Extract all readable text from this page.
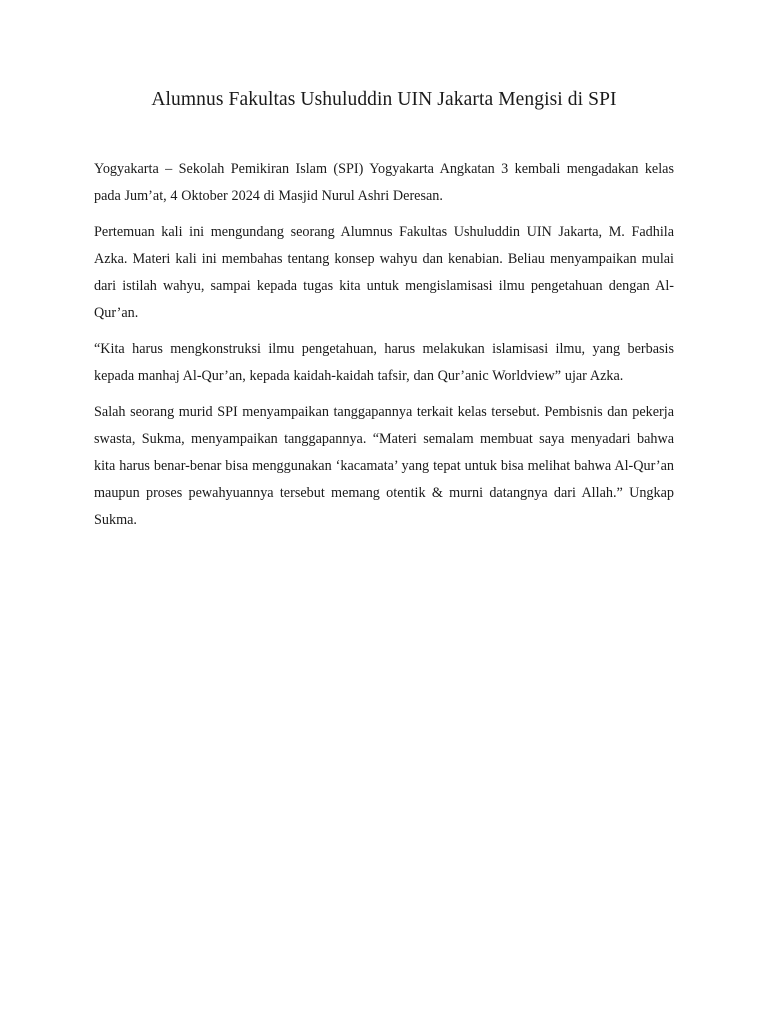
Alumnus Fakultas Ushuluddin UIN Jakarta Mengisi di SPI

Yogyakarta – Sekolah Pemikiran Islam (SPI) Yogyakarta Angkatan 3 kembali mengadakan kelas pada Jum’at, 4 Oktober 2024 di Masjid Nurul Ashri Deresan.

Pertemuan kali ini mengundang seorang Alumnus Fakultas Ushuluddin UIN Jakarta, M. Fadhila Azka. Materi kali ini membahas tentang konsep wahyu dan kenabian. Beliau menyampaikan mulai dari istilah wahyu, sampai kepada tugas kita untuk mengislamisasi ilmu pengetahuan dengan Al-Qur’an.

“Kita harus mengkonstruksi ilmu pengetahuan, harus melakukan islamisasi ilmu, yang berbasis kepada manhaj Al-Qur’an, kepada kaidah-kaidah tafsir, dan Qur’anic Worldview” ujar Azka.

Salah seorang murid SPI menyampaikan tanggapannya terkait kelas tersebut. Pembisnis dan pekerja swasta, Sukma, menyampaikan tanggapannya. “Materi semalam membuat saya menyadari bahwa kita harus benar-benar bisa menggunakan ‘kacamata’ yang tepat untuk bisa melihat bahwa Al-Qur’an maupun proses pewahyuannya tersebut memang otentik & murni datangnya dari Allah.” Ungkap Sukma.
